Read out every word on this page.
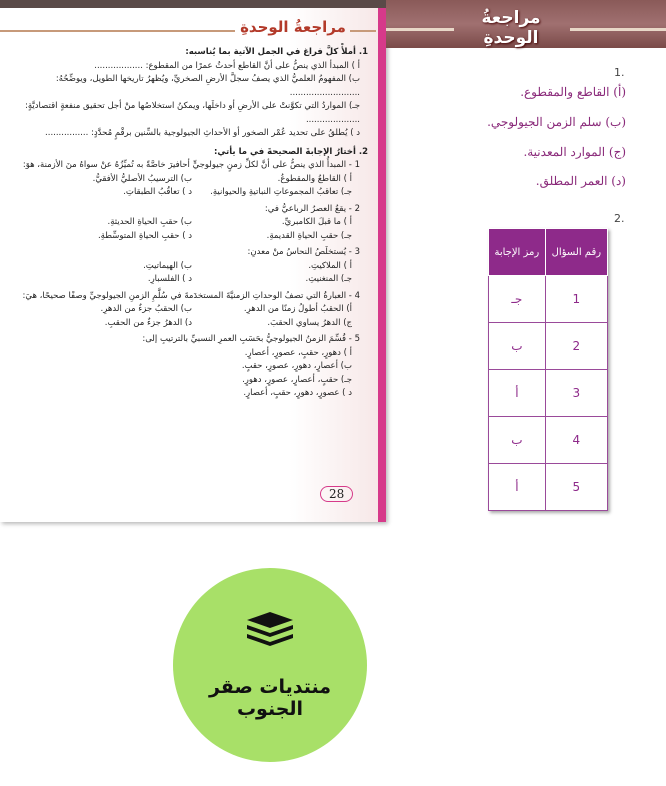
مراجعةُ الوحدةِ
1. أملأْ كلَّ فراغ في الجمل الآتية بما يُناسبه:
أ ) المبدأ الذي ينصُّ على أنَّ القاطع أحدثُ عمرًا من المقطوع: ..................
ب) المفهومُ العلميُّ الذي يصفُ سجلَّ الأرضِ الصخريِّ، ويُظهرُ تاريخها الطويل، ويوضِّحُهُ: ..........................
جـ) المواردُ التي تكوَّنتْ على الأرضِ أو داخلَها، ويمكنُ استخلاصُها منْ أجل تحقيق منفعةٍ اقتصاديَّةٍ: ....................
د ) يُطلقُ على تحديد عُمْر الصخور أو الأحداثِ الجيولوجية بالسِّنين برقْمٍ مُحدَّدٍ: ................
2. أختارُ الإجابةَ الصحيحةَ في ما يأتي:
1 - المبدأُ الذي ينصُّ على أنَّ لكلِّ زمنٍ جيولوجيٍّ أحافيرَ خاصَّةً به تُميِّزُهُ عنْ سواهُ منَ الأزمنة، هوَ:
أ ) القاطعُ والمقطوعُ.
ب) الترسيبُ الأصليُّ الأفقيُّ.
جـ) تعاقبُ المجموعاتِ النباتيةِ والحيوانيةِ.
د ) تعاقُبُ الطبقاتِ.
2 - يقعُ العصرُ الرباعيُّ في:
أ ) ما قبلَ الكامبريِّ.
ب) حقبِ الحياةِ الحديثةِ.
جـ) حقبِ الحياةِ القديمةِ.
د ) حقبِ الحياةِ المتوسِّطةِ.
3 - يُستخلَصُ النحاسُ منْ معدنِ:
أ ) الملاكيتِ.
ب) الهيماتيتِ.
جـ) المنغنيتِ.
د ) الفلسبارِ.
4 - العبارةُ التي تصفُ الوحداتِ الزمنيَّةَ المستخدَمةَ في سُلَّمِ الزمنِ الجيولوجيِّ وصفًا صحيحًا، هيَ:
أ) الحقبُ أطولُ زمنًا من الدهرِ.
ب) الحقبُ جزءٌ من الدهرِ.
ج) الدهرُ يساوي الحقبَ.
د) الدهرُ جزءٌ من الحقبِ.
5 - قُسِّمَ الزمنُ الجيولوجيُّ بحَسَبِ العمرِ النسبيِّ بالترتيبِ إلى:
أ ) دهورٍ، حقبٍ، عصورٍ، أعصارٍ.
ب) أعصارٍ، دهورٍ، عصورٍ، حقبٍ.
جـ) حقبٍ، أعصارٍ، عصورٍ، دهورٍ.
د ) عصورٍ، دهورٍ، حقبٍ، أعصارٍ.
28
مراجعةُ الوحدةِ
1.
(أ) القاطع والمقطوع.
(ب) سلم الزمن الجيولوجي.
(ج) الموارد المعدنية.
(د) العمر المطلق.
2.
رقم السؤال	رمز الإجابة
1	جـ
2	ب
3	أ
4	ب
5	أ
منتديات صقر الجنوب
